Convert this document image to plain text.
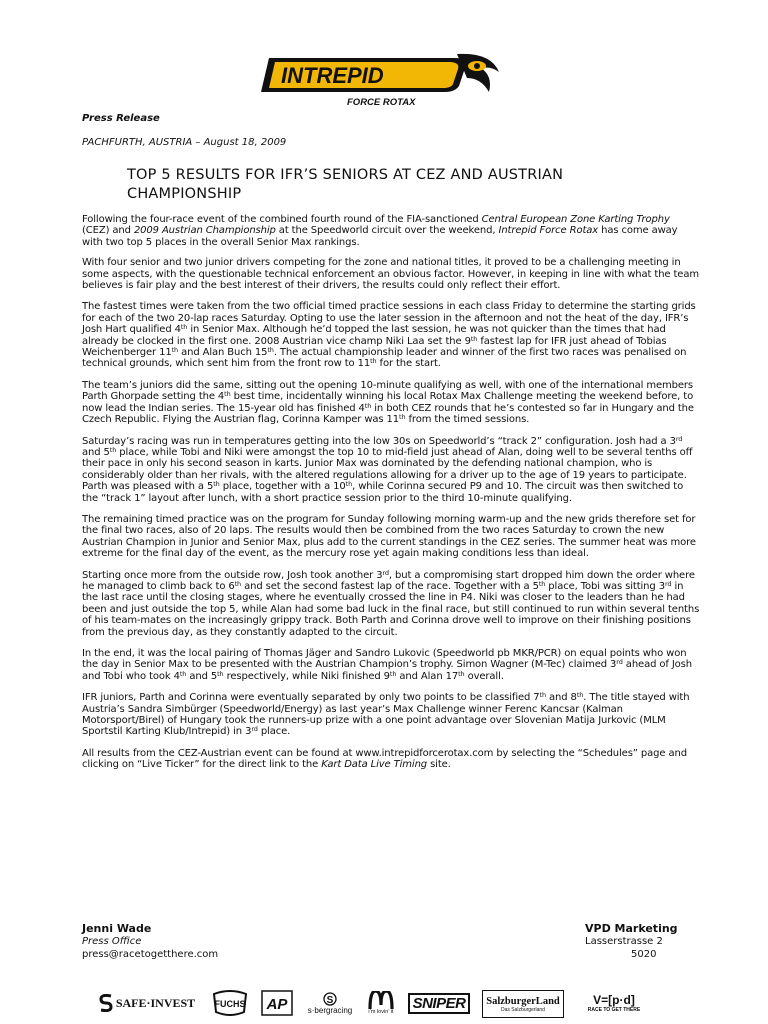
INTREPID
FORCE ROTAX
Press Release
PACHFURTH, AUSTRIA – August 18, 2009
TOP 5 RESULTS FOR IFR’S SENIORS AT CEZ AND AUSTRIAN CHAMPIONSHIP

Following the four-race event of the combined fourth round of the FIA-sanctioned Central European Zone Karting Trophy (CEZ) and 2009 Austrian Championship at the Speedworld circuit over the weekend, Intrepid Force Rotax has come away with two top 5 places in the overall Senior Max rankings.

With four senior and two junior drivers competing for the zone and national titles, it proved to be a challenging meeting in some aspects, with the questionable technical enforcement an obvious factor. However, in keeping in line with what the team believes is fair play and the best interest of their drivers, the results could only reflect their effort.

The fastest times were taken from the two official timed practice sessions in each class Friday to determine the starting grids for each of the two 20-lap races Saturday. Opting to use the later session in the afternoon and not the heat of the day, IFR’s Josh Hart qualified 4th in Senior Max. Although he’d topped the last session, he was not quicker than the times that had already be clocked in the first one. 2008 Austrian vice champ Niki Laa set the 9th fastest lap for IFR just ahead of Tobias Weichenberger 11th and Alan Buch 15th. The actual championship leader and winner of the first two races was penalised on technical grounds, which sent him from the front row to 11th for the start.

The team’s juniors did the same, sitting out the opening 10-minute qualifying as well, with one of the international members Parth Ghorpade setting the 4th best time, incidentally winning his local Rotax Max Challenge meeting the weekend before, to now lead the Indian series. The 15-year old has finished 4th in both CEZ rounds that he’s contested so far in Hungary and the Czech Republic. Flying the Austrian flag, Corinna Kamper was 11th from the timed sessions.

Saturday’s racing was run in temperatures getting into the low 30s on Speedworld’s “track 2” configuration. Josh had a 3rd and 5th place, while Tobi and Niki were amongst the top 10 to mid-field just ahead of Alan, doing well to be several tenths off their pace in only his second season in karts. Junior Max was dominated by the defending national champion, who is considerably older than her rivals, with the altered regulations allowing for a driver up to the age of 19 years to participate. Parth was pleased with a 5th place, together with a 10th, while Corinna secured P9 and 10. The circuit was then switched to the “track 1” layout after lunch, with a short practice session prior to the third 10-minute qualifying.

The remaining timed practice was on the program for Sunday following morning warm-up and the new grids therefore set for the final two races, also of 20 laps. The results would then be combined from the two races Saturday to crown the new Austrian Champion in Junior and Senior Max, plus add to the current standings in the CEZ series. The summer heat was more extreme for the final day of the event, as the mercury rose yet again making conditions less than ideal.

Starting once more from the outside row, Josh took another 3rd, but a compromising start dropped him down the order where he managed to climb back to 6th and set the second fastest lap of the race. Together with a 5th place, Tobi was sitting 3rd in the last race until the closing stages, where he eventually crossed the line in P4. Niki was closer to the leaders than he had been and just outside the top 5, while Alan had some bad luck in the final race, but still continued to run within several tenths of his team-mates on the increasingly grippy track. Both Parth and Corinna drove well to improve on their finishing positions from the previous day, as they constantly adapted to the circuit.

In the end, it was the local pairing of Thomas Jäger and Sandro Lukovic (Speedworld pb MKR/PCR) on equal points who won the day in Senior Max to be presented with the Austrian Champion’s trophy. Simon Wagner (M-Tec) claimed 3rd ahead of Josh and Tobi who took 4th and 5th respectively, while Niki finished 9th and Alan 17th overall.

IFR juniors, Parth and Corinna were eventually separated by only two points to be classified 7th and 8th. The title stayed with Austria’s Sandra Simbürger (Speedworld/Energy) as last year’s Max Challenge winner Ferenc Kancsar (Kalman Motorsport/Birel) of Hungary took the runners-up prize with a one point advantage over Slovenian Matija Jurkovic (MLM Sportstil Karting Klub/Intrepid) in 3rd place.

All results from the CEZ-Austrian event can be found at www.intrepidforcerotax.com by selecting the “Schedules” page and clicking on “Live Ticker” for the direct link to the Kart Data Live Timing site.

Jenni Wade
Press Office
press@racetogetthere.com
VPD Marketing
Lasserstrasse 2
5020
SAFE·INVEST FUCHS AP	S
s·bergracing	i’m lovin’ it
SNIPER	SalzburgerLand
Das Salzburgerland
V=[p·d]
RACE TO GET THERE
